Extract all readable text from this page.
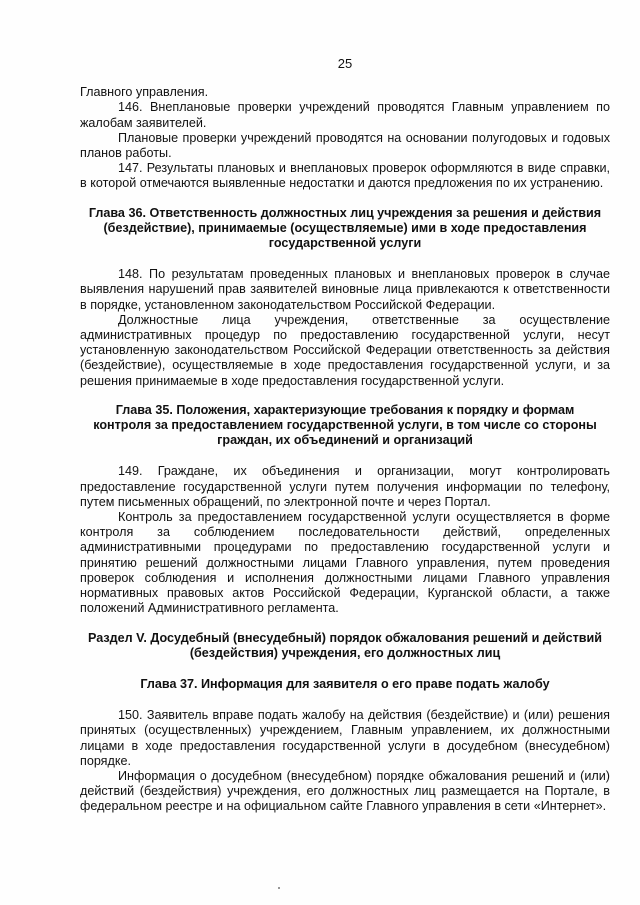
25

Главного управления.

146. Внеплановые проверки учреждений проводятся Главным управлением по жалобам заявителей.

Плановые проверки учреждений проводятся на основании полугодовых и годовых планов работы.

147. Результаты плановых и внеплановых проверок оформляются в виде справки, в которой отмечаются выявленные недостатки и даются предложения по их устранению.

Глава 36. Ответственность должностных лиц учреждения за решения и действия (бездействие), принимаемые (осуществляемые) ими в ходе предоставления государственной услуги

148. По результатам проведенных плановых и внеплановых проверок в случае выявления нарушений прав заявителей виновные лица привлекаются к ответственности в порядке, установленном законодательством Российской Федерации.

Должностные лица учреждения, ответственные за осуществление административных процедур по предоставлению государственной услуги, несут установленную законодательством Российской Федерации ответственность за действия (бездействие), осуществляемые в ходе предоставления государственной услуги, и за решения принимаемые в ходе предоставления государственной услуги.

Глава 35. Положения, характеризующие требования к порядку и формам контроля за предоставлением государственной услуги, в том числе со стороны граждан, их объединений и организаций

149. Граждане, их объединения и организации, могут контролировать предоставление государственной услуги путем получения информации по телефону, путем письменных обращений, по электронной почте и через Портал.

Контроль за предоставлением государственной услуги осуществляется в форме контроля за соблюдением последовательности действий, определенных административными процедурами по предоставлению государственной услуги и принятию решений должностными лицами Главного управления, путем проведения проверок соблюдения и исполнения должностными лицами Главного управления нормативных правовых актов Российской Федерации, Курганской области, а также положений Административного регламента.

Раздел V. Досудебный (внесудебный) порядок обжалования решений и действий (бездействия) учреждения, его должностных лиц
Глава 37. Информация для заявителя о его праве подать жалобу

150. Заявитель вправе подать жалобу на действия (бездействие) и (или) решения принятых (осуществленных) учреждением, Главным управлением, их должностными лицами в ходе предоставления государственной услуги в досудебном (внесудебном) порядке.

Информация о досудебном (внесудебном) порядке обжалования решений и (или) действий (бездействия) учреждения, его должностных лиц размещается на Портале, в федеральном реестре и на официальном сайте Главного управления в сети «Интернет».
